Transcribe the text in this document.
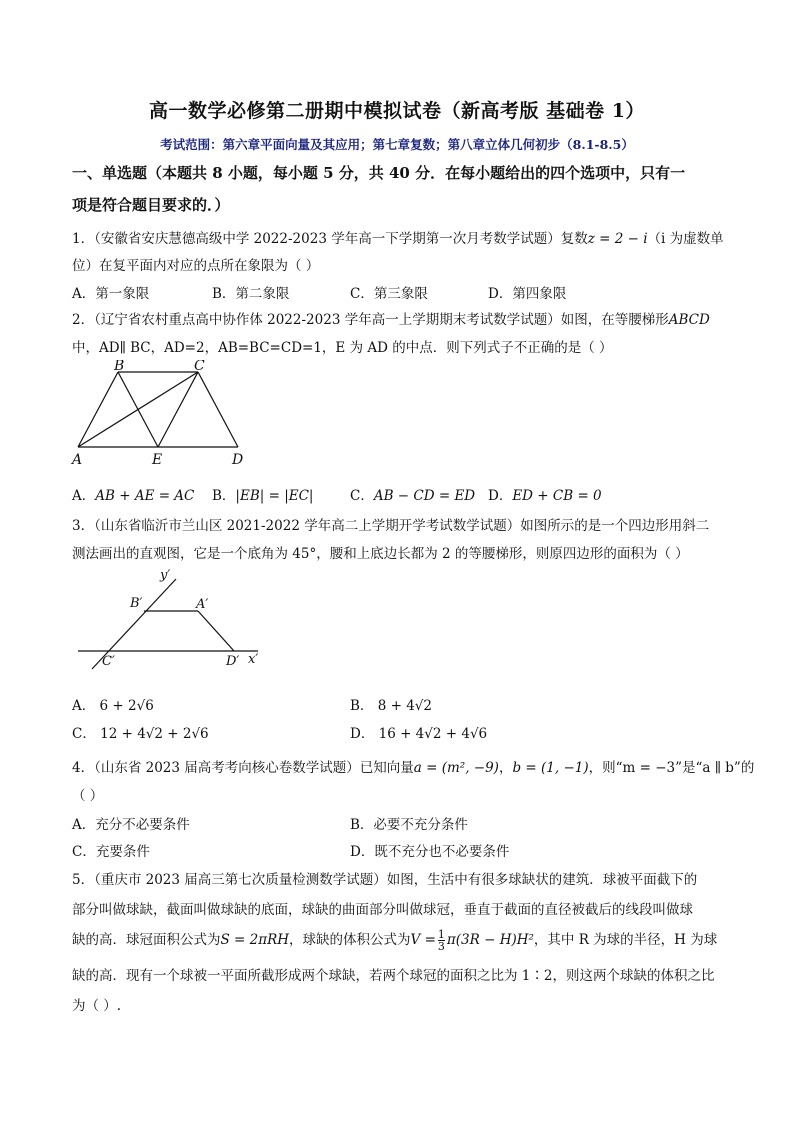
高一数学必修第二册期中模拟试卷（新高考版 基础卷 1）
考试范围：第六章平面向量及其应用；第七章复数；第八章立体几何初步（8.1-8.5）
一、单选题（本题共 8 小题，每小题 5 分，共 40 分．在每小题给出的四个选项中，只有一
项是符合题目要求的．）
1．（安徽省安庆慧德高级中学 2022-2023 学年高一下学期第一次月考数学试题）复数z = 2 − i（i 为虚数单
位）在复平面内对应的点所在象限为（ ）
A．第一象限	B．第二象限	C．第三象限	D．第四象限
2．（辽宁省农村重点高中协作体 2022-2023 学年高一上学期期末考试数学试题）如图，在等腰梯形ABCD
中，AD∥ BC，AD=2，AB=BC=CD=1，E 为 AD 的中点．则下列式子不正确的是（ ）
B	C
A	E	D
A．AB + AE = AC B．|EB| = |EC|	C．AB − CD = ED D．ED + CB = 0
3．（山东省临沂市兰山区 2021-2022 学年高二上学期开学考试数学试题）如图所示的是一个四边形用斜二
测法画出的直观图，它是一个底角为 45°，腰和上底边长都为 2 的等腰梯形，则原四边形的面积为（ ）
y′
B′	A′
C′	D′ x′
A． 6 + 2√6	B． 8 + 4√2
C． 12 + 4√2 + 2√6	D． 16 + 4√2 + 4√6
4．（山东省 2023 届高考考向核心卷数学试题）已知向量a = (m², −9)，b = (1, −1)，则“m = −3”是“a ∥ b”的
（ ）
A．充分不必要条件	B．必要不充分条件
C．充要条件	D．既不充分也不必要条件
5．（重庆市 2023 届高三第七次质量检测数学试题）如图，生活中有很多球缺状的建筑．球被平面截下的
部分叫做球缺，截面叫做球缺的底面，球缺的曲面部分叫做球冠，垂直于截面的直径被截后的线段叫做球
缺的高．球冠面积公式为S = 2πRH，球缺的体积公式为$V = \frac{1}{3} \pi(3R - H)H^2$，其中 R 为球的半径，H 为球
缺的高．现有一个球被一平面所截形成两个球缺，若两个球冠的面积之比为 1∶2，则这两个球缺的体积之比
为（ ）.
